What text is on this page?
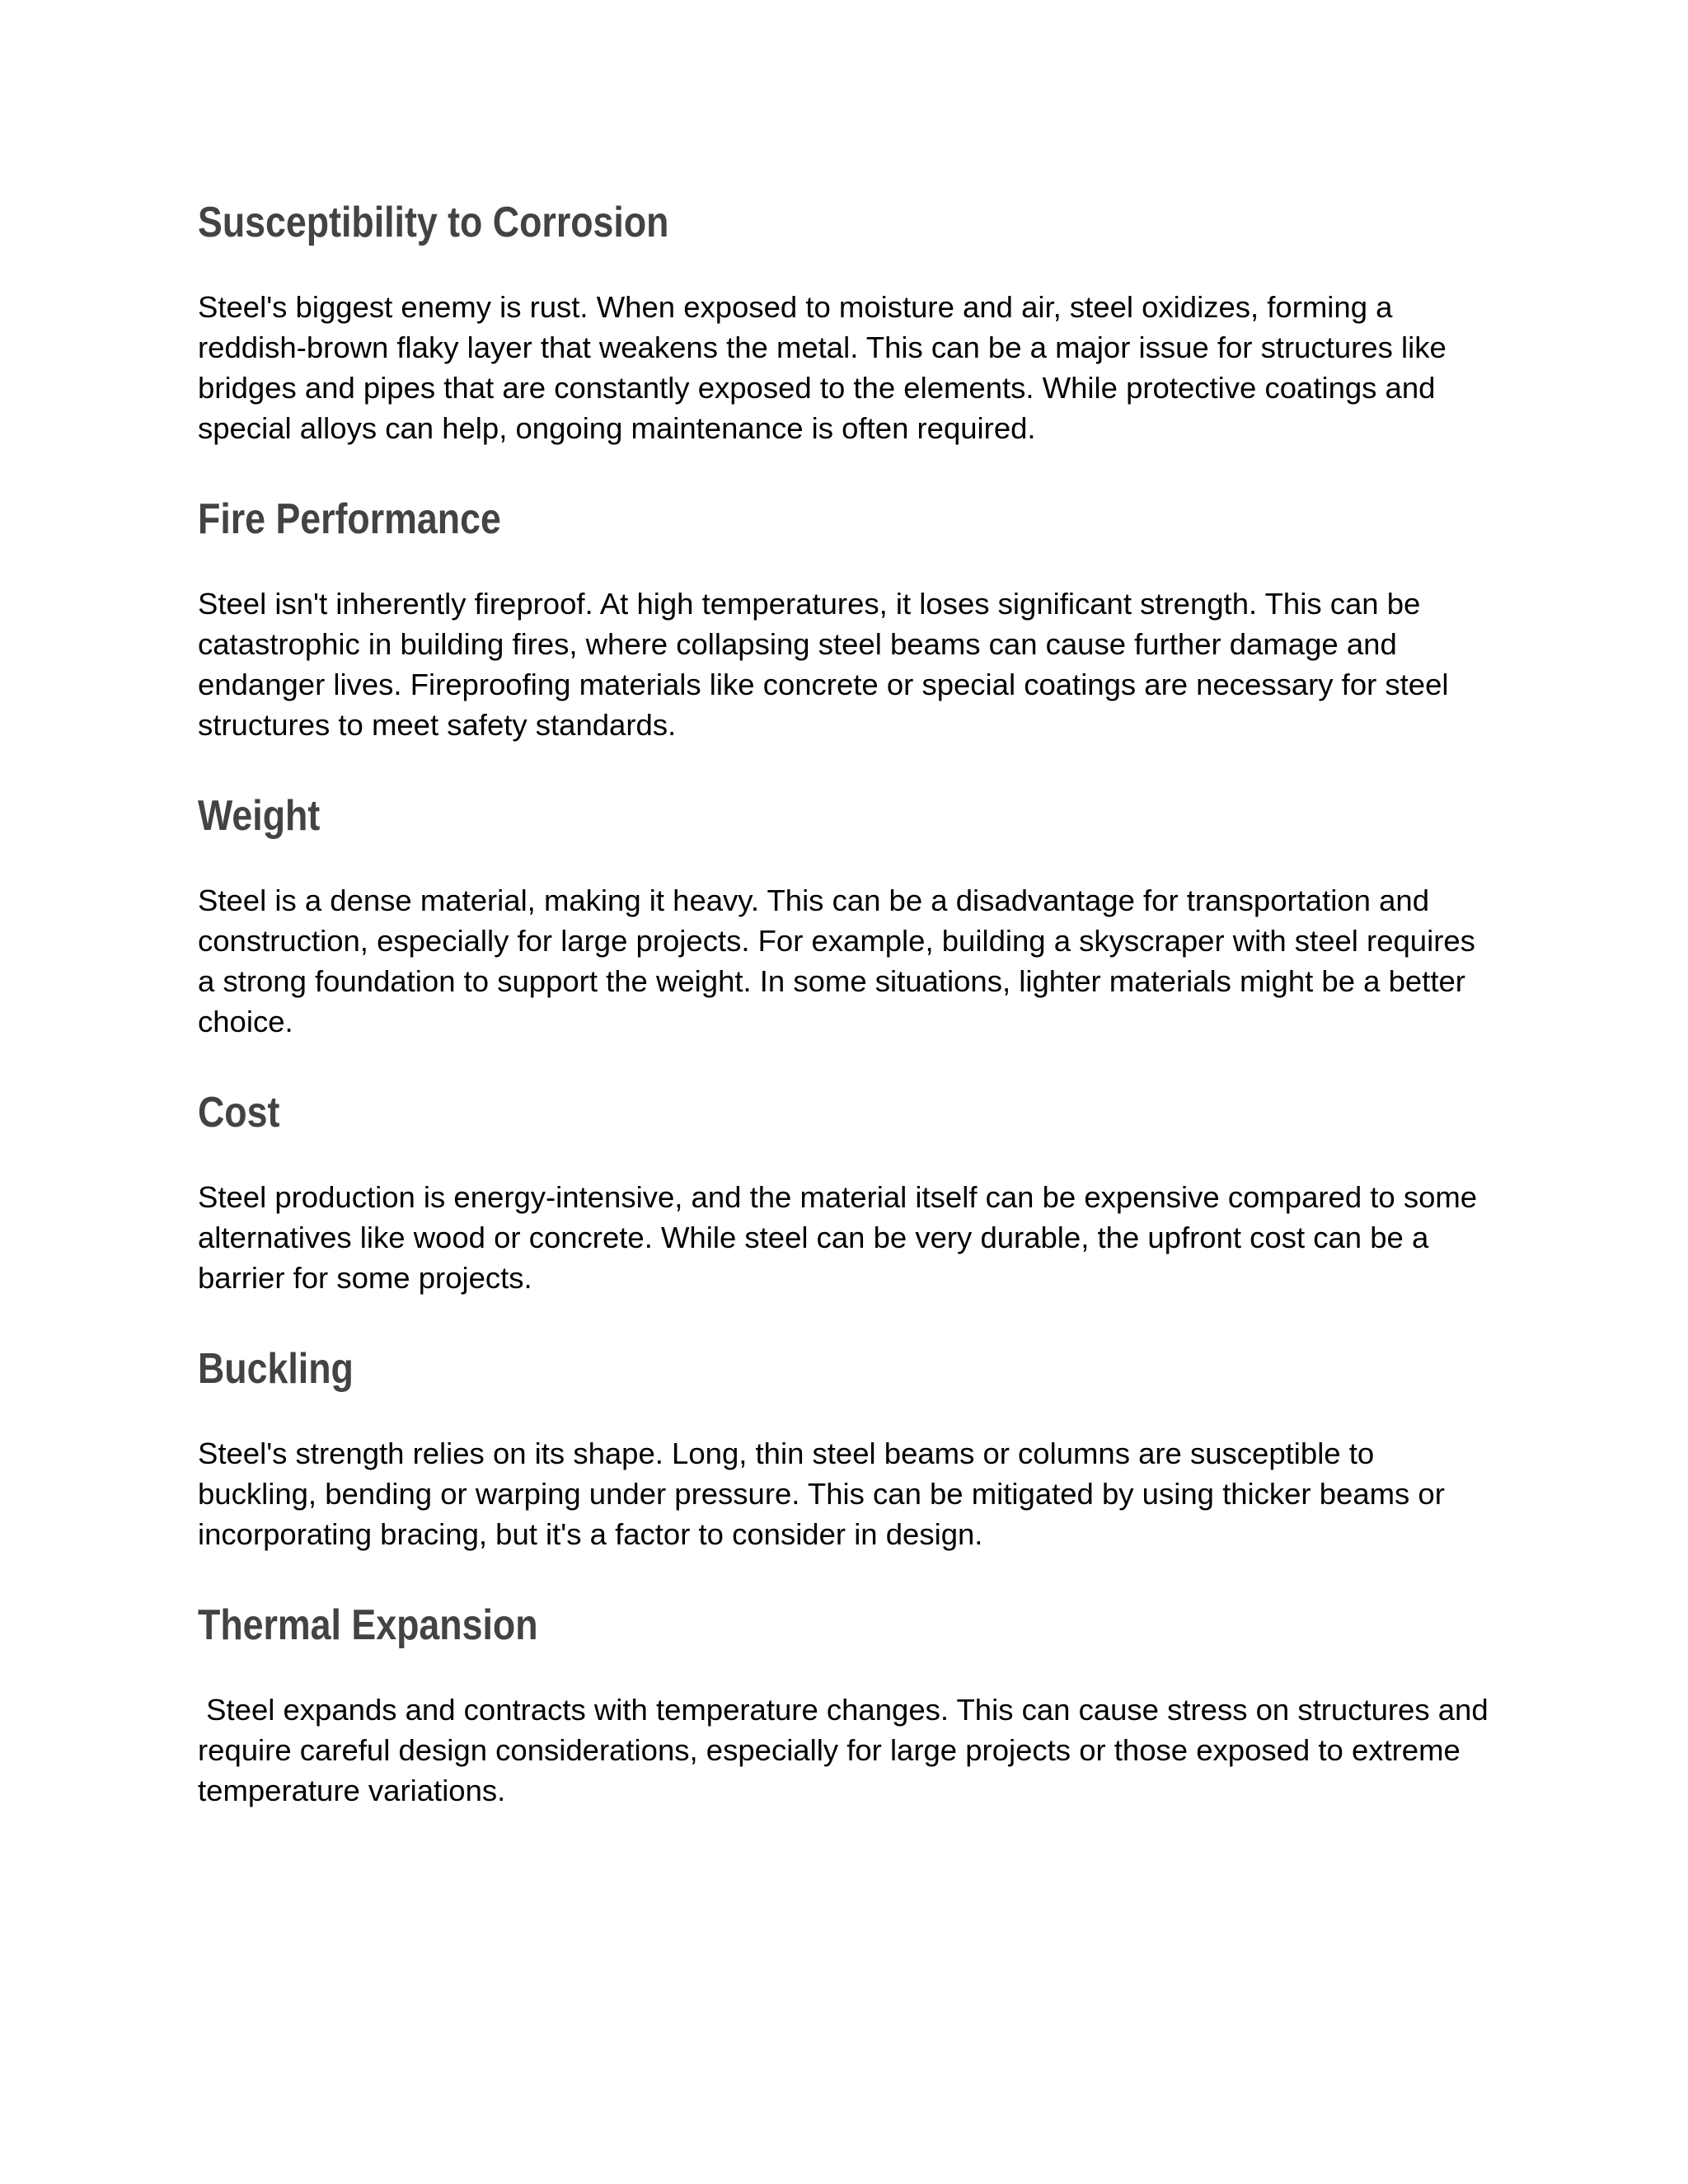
Susceptibility to Corrosion

Steel's biggest enemy is rust. When exposed to moisture and air, steel oxidizes, forming a reddish-brown flaky layer that weakens the metal. This can be a major issue for structures like bridges and pipes that are constantly exposed to the elements. While protective coatings and special alloys can help, ongoing maintenance is often required.

Fire Performance

Steel isn't inherently fireproof. At high temperatures, it loses significant strength. This can be catastrophic in building fires, where collapsing steel beams can cause further damage and endanger lives. Fireproofing materials like concrete or special coatings are necessary for steel structures to meet safety standards.

Weight

Steel is a dense material, making it heavy. This can be a disadvantage for transportation and construction, especially for large projects. For example, building a skyscraper with steel requires a strong foundation to support the weight. In some situations, lighter materials might be a better choice.

Cost

Steel production is energy-intensive, and the material itself can be expensive compared to some alternatives like wood or concrete. While steel can be very durable, the upfront cost can be a barrier for some projects.

Buckling

Steel's strength relies on its shape. Long, thin steel beams or columns are susceptible to buckling, bending or warping under pressure. This can be mitigated by using thicker beams or incorporating bracing, but it's a factor to consider in design.

Thermal Expansion

Steel expands and contracts with temperature changes. This can cause stress on structures and require careful design considerations, especially for large projects or those exposed to extreme temperature variations.
